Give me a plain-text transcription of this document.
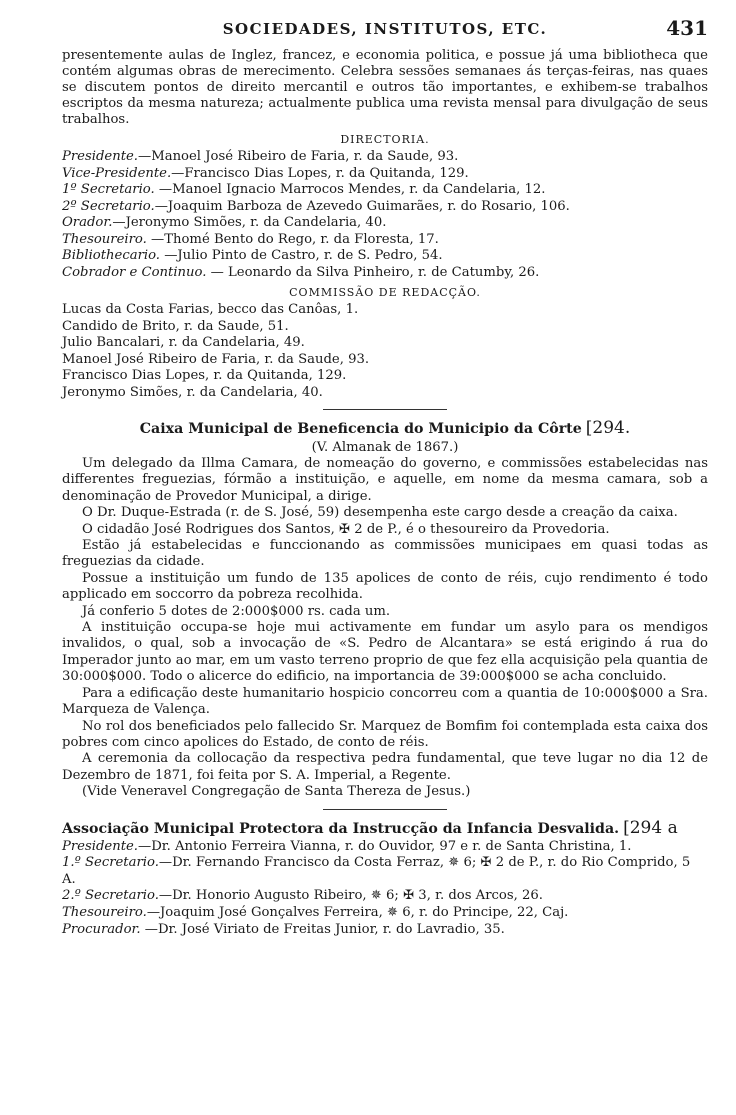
SOCIEDADES, INSTITUTOS, ETC.	431

presentemente aulas de Inglez, francez, e economia politica, e possue já uma bibliotheca que contém algumas obras de merecimento. Celebra sessões semanaes ás terças-feiras, nas quaes se discutem pontos de direito mercantil e outros tão importantes, e exhibem-se trabalhos escriptos da mesma natureza; actualmente publica uma revista mensal para divulgação de seus trabalhos.

DIRECTORIA.
Presidente.—Manoel José Ribeiro de Faria, r. da Saude, 93.
Vice-Presidente.—Francisco Dias Lopes, r. da Quitanda, 129.
1º Secretario. —Manoel Ignacio Marrocos Mendes, r. da Candelaria, 12.
2º Secretario.—Joaquim Barboza de Azevedo Guimarães, r. do Rosario, 106.
Orador.—Jeronymo Simões, r. da Candelaria, 40.
Thesoureiro. —Thomé Bento do Rego, r. da Floresta, 17.
Bibliothecario. —Julio Pinto de Castro, r. de S. Pedro, 54.
Cobrador e Continuo. — Leonardo da Silva Pinheiro, r. de Catumby, 26.
COMMISSÃO DE REDACÇÃO.
Lucas da Costa Farias, becco das Canôas, 1.
Candido de Brito, r. da Saude, 51.
Julio Bancalari, r. da Candelaria, 49.
Manoel José Ribeiro de Faria, r. da Saude, 93.
Francisco Dias Lopes, r. da Quitanda, 129.
Jeronymo Simões, r. da Candelaria, 40.
Caixa Municipal de Beneficencia do Municipio da Côrte [294.
(V. Almanak de 1867.)

Um delegado da Illma Camara, de nomeação do governo, e commissões estabelecidas nas differentes freguezias, fórmão a instituição, e aquelle, em nome da mesma camara, sob a denominação de Provedor Municipal, a dirige.

O Dr. Duque-Estrada (r. de S. José, 59) desempenha este cargo desde a creação da caixa.

O cidadão José Rodrigues dos Santos, ✠ 2 de P., é o thesoureiro da Provedoria.

Estão já estabelecidas e funccionando as commissões municipaes em quasi todas as freguezias da cidade.

Possue a instituição um fundo de 135 apolices de conto de réis, cujo rendimento é todo applicado em soccorro da pobreza recolhida.

Já conferio 5 dotes de 2:000$000 rs. cada um.

A instituição occupa-se hoje mui activamente em fundar um asylo para os mendigos invalidos, o qual, sob a invocação de «S. Pedro de Alcantara» se está erigindo á rua do Imperador junto ao mar, em um vasto terreno proprio de que fez ella acquisição pela quantia de 30:000$000. Todo o alicerce do edificio, na importancia de 39:000$000 se acha concluido.

Para a edificação deste humanitario hospicio concorreu com a quantia de 10:000$000 a Sra. Marqueza de Valença.

No rol dos beneficiados pelo fallecido Sr. Marquez de Bomfim foi contemplada esta caixa dos pobres com cinco apolices do Estado, de conto de réis.

A ceremonia da collocação da respectiva pedra fundamental, que teve lugar no dia 12 de Dezembro de 1871, foi feita por S. A. Imperial, a Regente.

(Vide Veneravel Congregação de Santa Thereza de Jesus.)

Associação Municipal Protectora da Instrucção da Infancia Desvalida. [294 a
Presidente.—Dr. Antonio Ferreira Vianna, r. do Ouvidor, 97 e r. de Santa Christina, 1.
1.º Secretario.—Dr. Fernando Francisco da Costa Ferraz, ✵ 6; ✠ 2 de P., r. do Rio Comprido, 5 A.
2.º Secretario.—Dr. Honorio Augusto Ribeiro, ✵ 6; ✠ 3, r. dos Arcos, 26.
Thesoureiro.—Joaquim José Gonçalves Ferreira, ✵ 6, r. do Principe, 22, Caj.
Procurador. —Dr. José Viriato de Freitas Junior, r. do Lavradio, 35.
